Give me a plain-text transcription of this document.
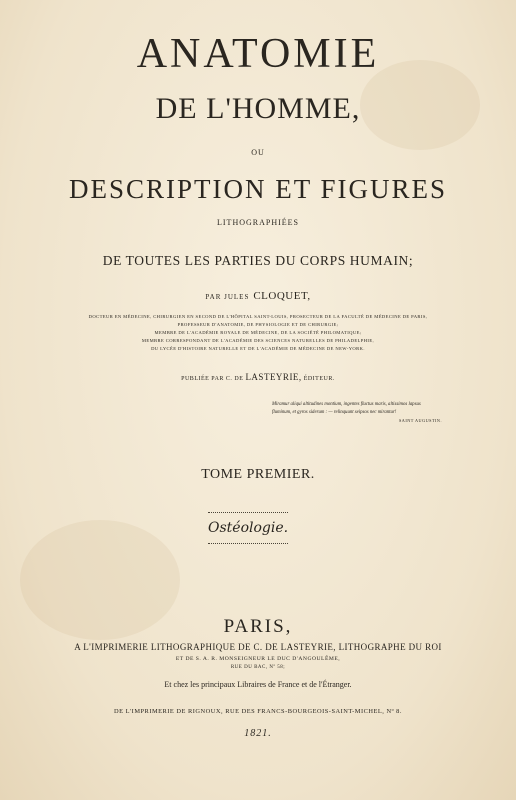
ANATOMIE
DE L'HOMME,
OU
DESCRIPTION ET FIGURES
LITHOGRAPHIÉES
DE TOUTES LES PARTIES DU CORPS HUMAIN;
PAR JULES CLOQUET,
DOCTEUR EN MÉDECINE, CHIRURGIEN EN SECOND DE L'HÔPITAL SAINT-LOUIS, PROSECTEUR DE LA FACULTÉ DE MÉDECINE DE PARIS,
PROFESSEUR D'ANATOMIE, DE PHYSIOLOGIE ET DE CHIRURGIE;
MEMBRE DE L'ACADÉMIE ROYALE DE MÉDECINE, DE LA SOCIÉTÉ PHILOMATIQUE;
MEMBRE CORRESPONDANT DE L'ACADÉMIE DES SCIENCES NATURELLES DE PHILADELPHIE,
DU LYCÉE D'HISTOIRE NATURELLE ET DE L'ACADÉMIE DE MÉDECINE DE NEW-YORK.
PUBLIÉE PAR C. DE LASTEYRIE, ÉDITEUR.
Miramur aliqui altitudines montium, ingentes fluctus maris, altissimos lapsus
fluminum, et gyros siderum : — relinquunt seipsos nec mirantur!
SAINT AUGUSTIN.
TOME PREMIER.
Ostéologie.
PARIS,
A L'IMPRIMERIE LITHOGRAPHIQUE DE C. DE LASTEYRIE, LITHOGRAPHE DU ROI
ET DE S. A. R. MONSEIGNEUR LE DUC D'ANGOULÊME,
RUE DU BAC, Nº 58;
Et chez les principaux Libraires de France et de l'Étranger.
DE L'IMPRIMERIE DE RIGNOUX, RUE DES FRANCS-BOURGEOIS-SAINT-MICHEL, Nº 8.
1821.
